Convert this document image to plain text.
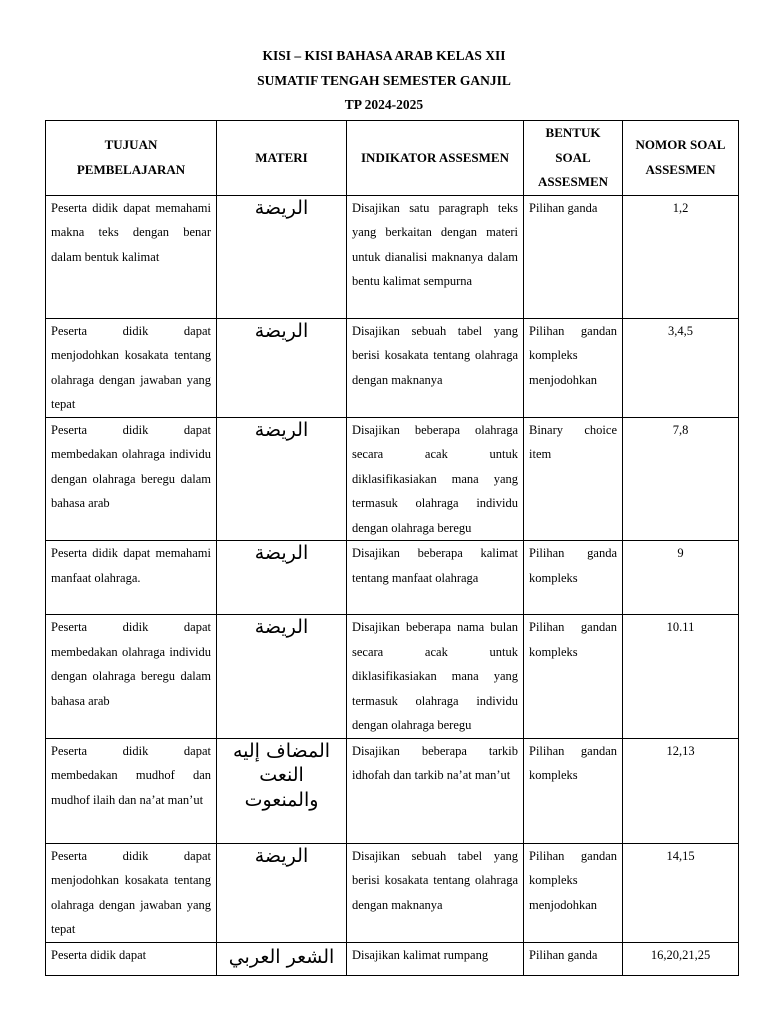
KISI – KISI BAHASA ARAB KELAS XII
SUMATIF TENGAH SEMESTER GANJIL
TP 2024-2025
TUJUAN PEMBELAJARAN	MATERI	INDIKATOR ASSESMEN	BENTUK SOAL ASSESMEN	NOMOR SOAL ASSESMEN
Peserta didik dapat memahami makna teks dengan benar dalam bentuk kalimat	الريضة	Disajikan satu paragraph teks yang berkaitan dengan materi untuk dianalisi maknanya dalam bentu kalimat sempurna	Pilihan ganda	1,2
Peserta didik dapat menjodohkan kosakata tentang olahraga dengan jawaban yang tepat	الريضة	Disajikan sebuah tabel yang berisi kosakata tentang olahraga dengan maknanya	Pilihan gandan kompleks menjodohkan	3,4,5
Peserta didik dapat membedakan olahraga individu dengan olahraga beregu dalam bahasa arab	الريضة	Disajikan beberapa olahraga secara acak untuk diklasifikasiakan mana yang termasuk olahraga individu dengan olahraga beregu	Binary choice item	7,8
Peserta didik dapat memahami manfaat olahraga.	الريضة	Disajikan beberapa kalimat tentang manfaat olahraga	Pilihan ganda kompleks	9
Peserta didik dapat membedakan olahraga individu dengan olahraga beregu dalam bahasa arab	الريضة	Disajikan beberapa nama bulan secara acak untuk diklasifikasiakan mana yang termasuk olahraga individu dengan olahraga beregu	Pilihan gandan kompleks	10.11
Peserta didik dapat membedakan mudhof dan mudhof ilaih dan na’at man’ut	المضاف إليه النعت والمنعوت	Disajikan beberapa tarkib idhofah dan tarkib na’at man’ut	Pilihan gandan kompleks	12,13
Peserta didik dapat menjodohkan kosakata tentang olahraga dengan jawaban yang tepat	الريضة	Disajikan sebuah tabel yang berisi kosakata tentang olahraga dengan maknanya	Pilihan gandan kompleks menjodohkan	14,15
Peserta didik dapat	الشعر العربي	Disajikan kalimat rumpang	Pilihan ganda	16,20,21,25
